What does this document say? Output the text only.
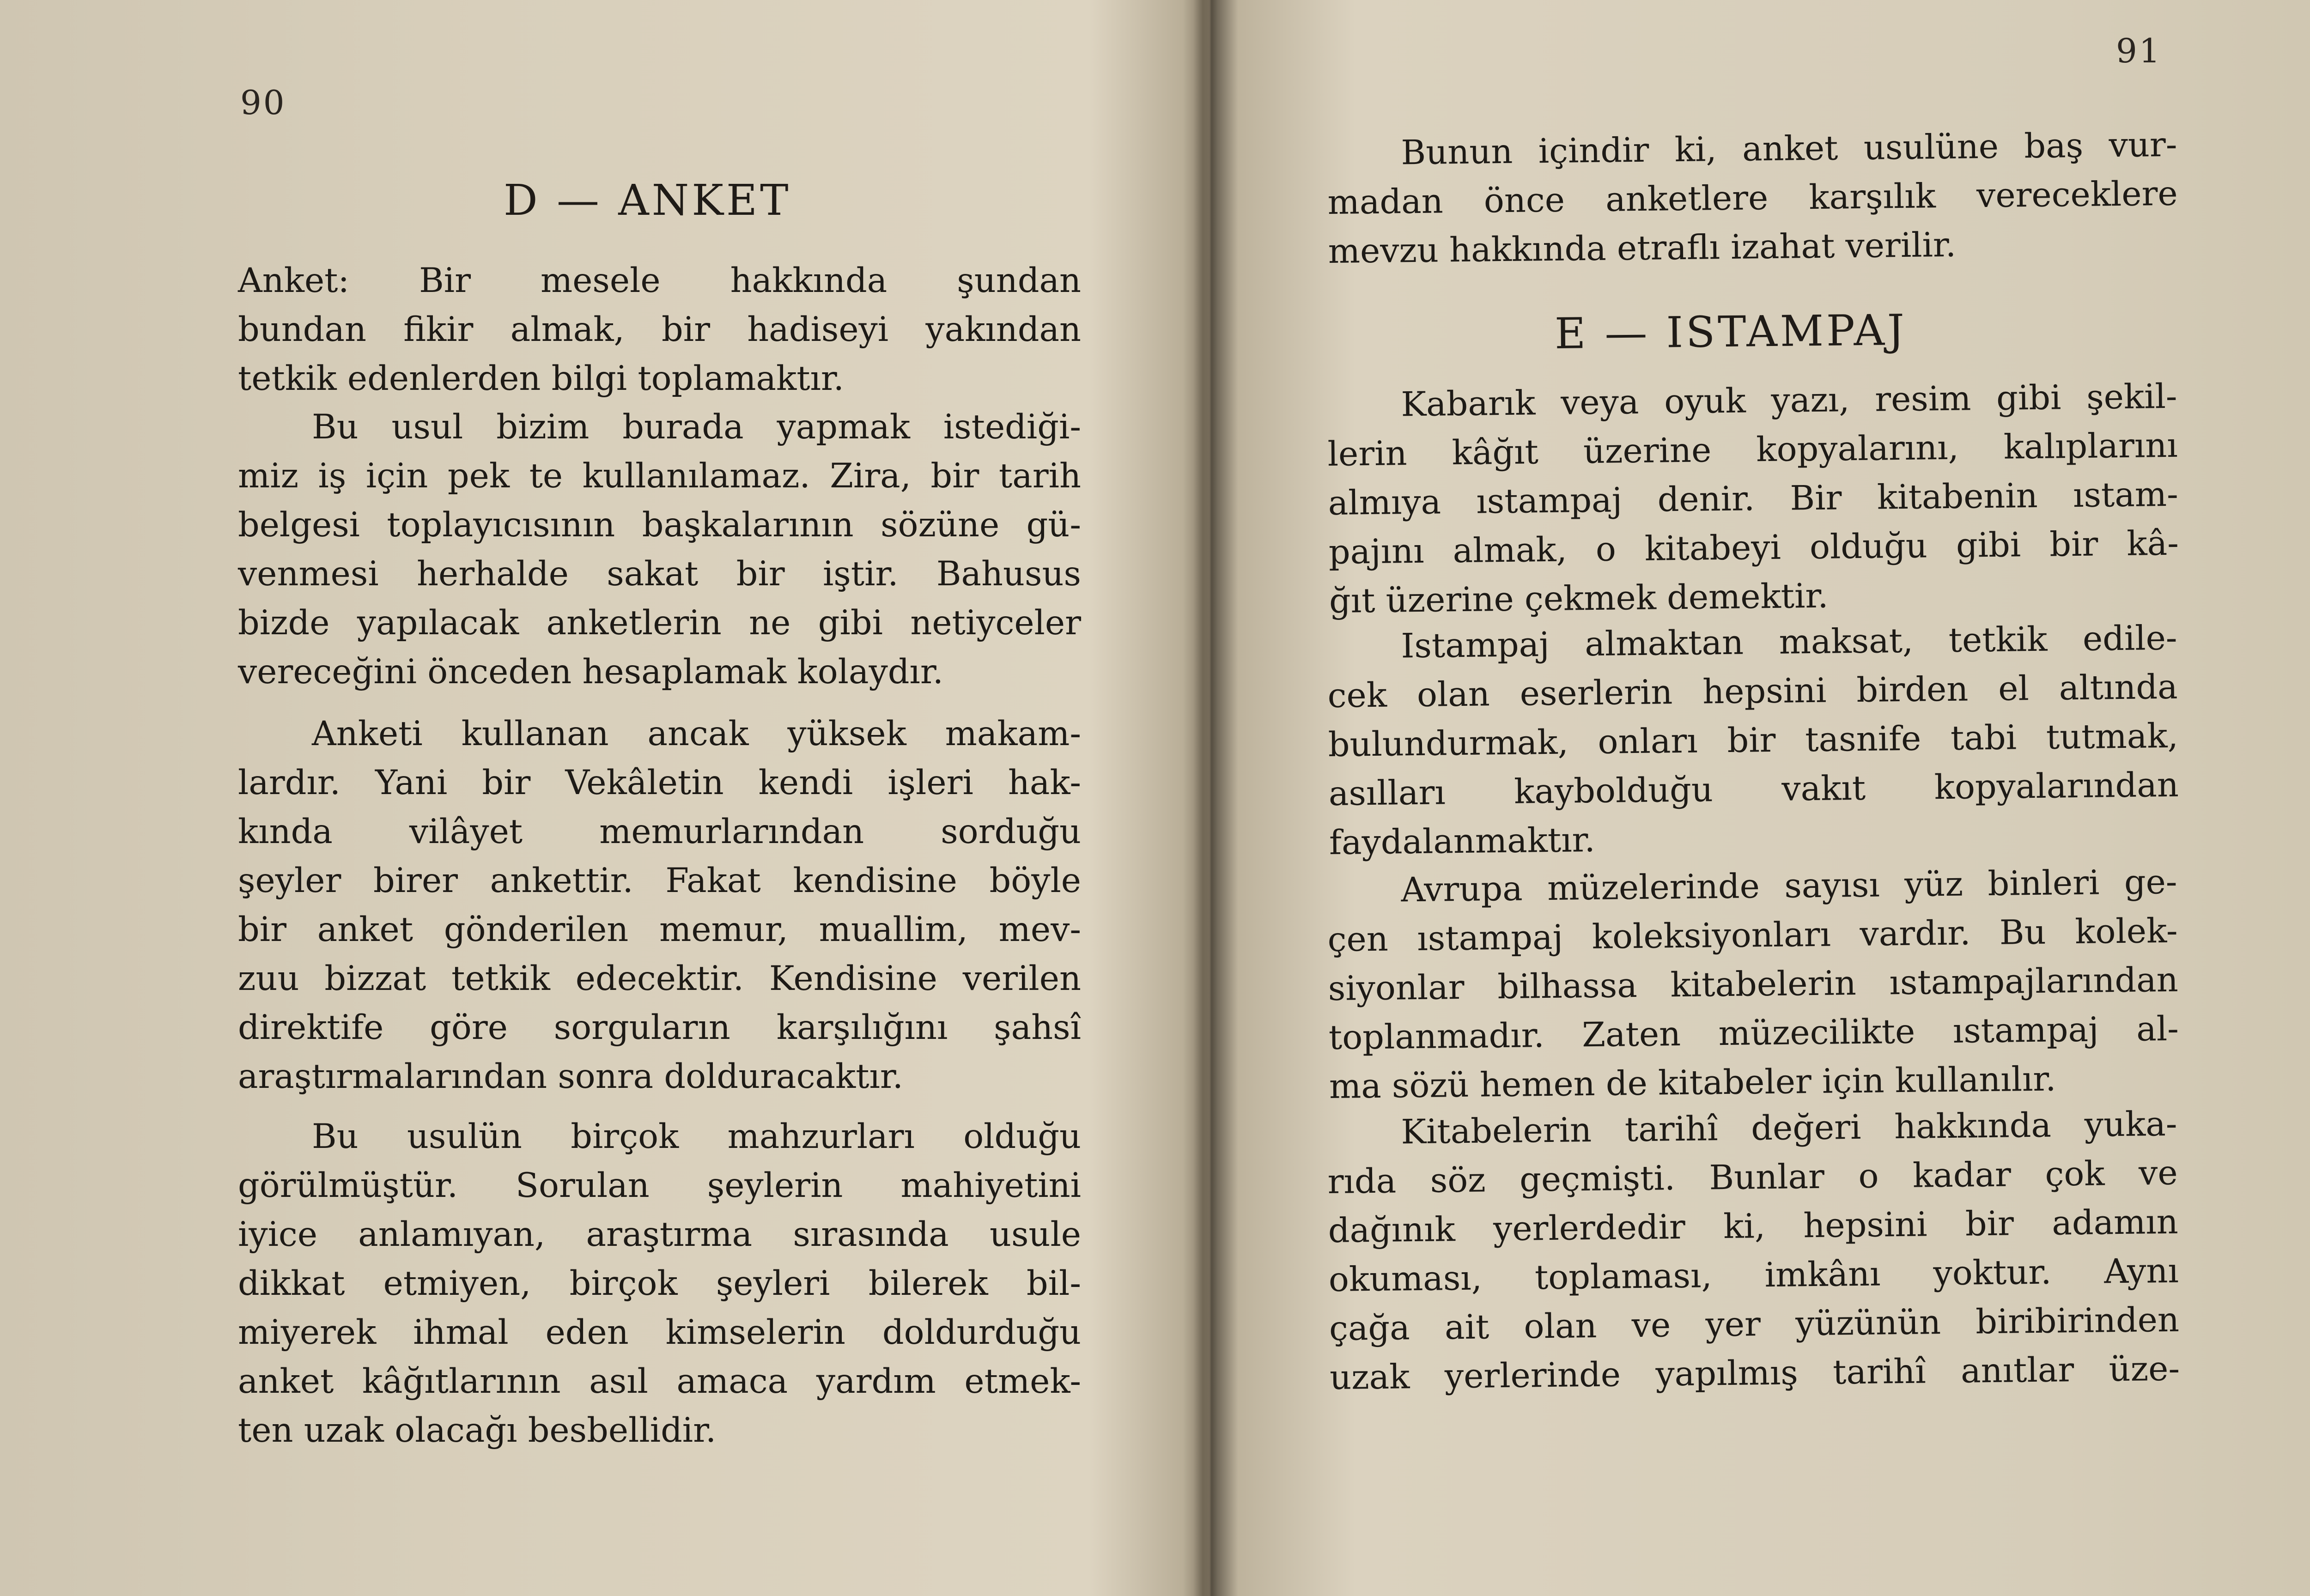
90
D — ANKET
Anket: Bir mesele hakkında şundan
bundan fikir almak, bir hadiseyi yakından
tetkik edenlerden bilgi toplamaktır.
Bu usul bizim burada yapmak istediği-
miz iş için pek te kullanılamaz. Zira, bir tarih
belgesi toplayıcısının başkalarının sözüne gü-
venmesi herhalde sakat bir iştir. Bahusus
bizde yapılacak anketlerin ne gibi netiyceler
vereceğini önceden hesaplamak kolaydır.
Anketi kullanan ancak yüksek makam-
lardır. Yani bir Vekâletin kendi işleri hak-
kında vilâyet memurlarından sorduğu
şeyler birer ankettir. Fakat kendisine böyle
bir anket gönderilen memur, muallim, mev-
zuu bizzat tetkik edecektir. Kendisine verilen
direktife göre sorguların karşılığını şahsî
araştırmalarından sonra dolduracaktır.
Bu usulün birçok mahzurları olduğu
görülmüştür. Sorulan şeylerin mahiyetini
iyice anlamıyan, araştırma sırasında usule
dikkat etmiyen, birçok şeyleri bilerek bil-
miyerek ihmal eden kimselerin doldurduğu
anket kâğıtlarının asıl amaca yardım etmek-
ten uzak olacağı besbellidir.
91
Bunun içindir ki, anket usulüne baş vur-
madan önce anketlere karşılık vereceklere
mevzu hakkında etraflı izahat verilir.
E — ISTAMPAJ
Kabarık veya oyuk yazı, resim gibi şekil-
lerin kâğıt üzerine kopyalarını, kalıplarını
almıya ıstampaj denir. Bir kitabenin ıstam-
pajını almak, o kitabeyi olduğu gibi bir kâ-
ğıt üzerine çekmek demektir.
Istampaj almaktan maksat, tetkik edile-
cek olan eserlerin hepsini birden el altında
bulundurmak, onları bir tasnife tabi tutmak,
asılları kaybolduğu vakıt kopyalarından
faydalanmaktır.
Avrupa müzelerinde sayısı yüz binleri ge-
çen ıstampaj koleksiyonları vardır. Bu kolek-
siyonlar bilhassa kitabelerin ıstampajlarından
toplanmadır. Zaten müzecilikte ıstampaj al-
ma sözü hemen de kitabeler için kullanılır.
Kitabelerin tarihî değeri hakkında yuka-
rıda söz geçmişti. Bunlar o kadar çok ve
dağınık yerlerdedir ki, hepsini bir adamın
okuması, toplaması, imkânı yoktur. Aynı
çağa ait olan ve yer yüzünün biribirinden
uzak yerlerinde yapılmış tarihî anıtlar üze-
